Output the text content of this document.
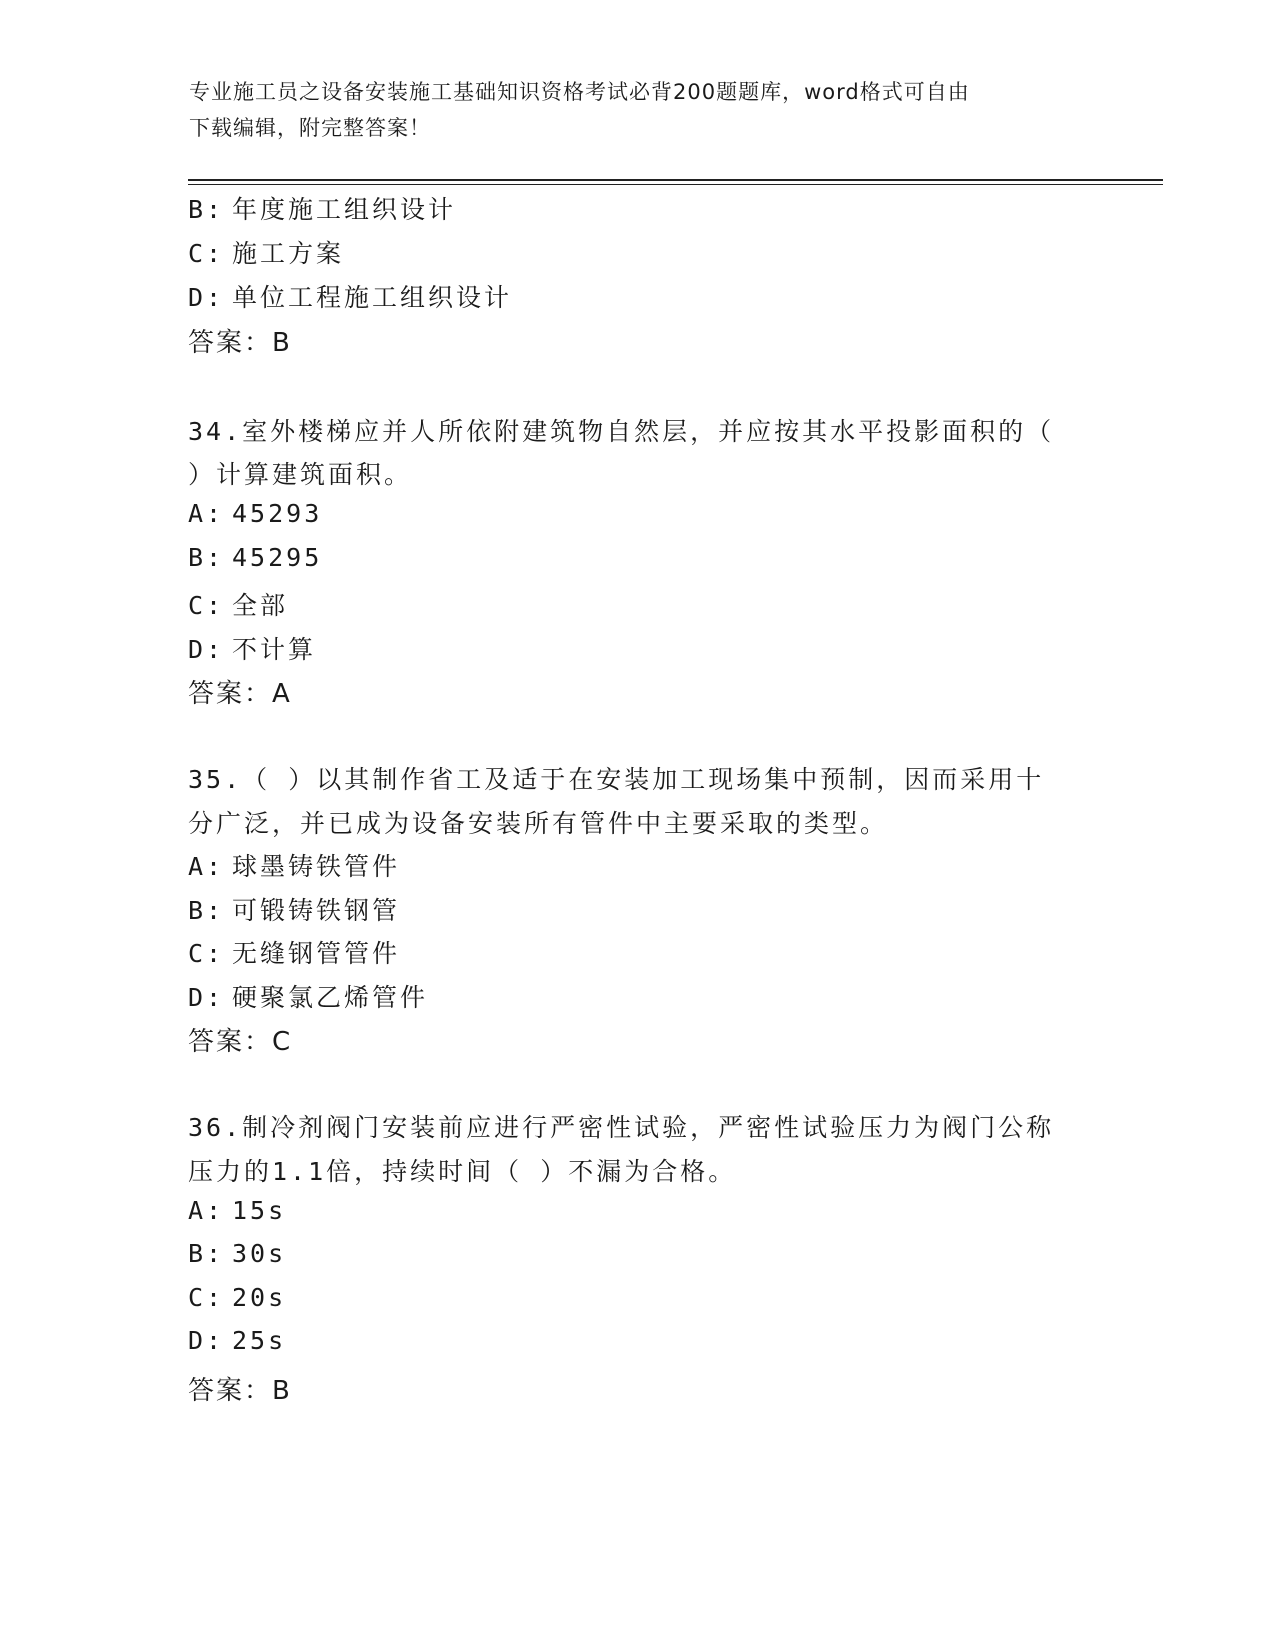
专业施工员之设备安装施工基础知识资格考试必背200题题库，word格式可自由
下载编辑，附完整答案！
B: 年度施工组织设计
C: 施工方案
D: 单位工程施工组织设计
答案：B
34.室外楼梯应并人所依附建筑物自然层，并应按其水平投影面积的（
）计算建筑面积。
A: 45293
B: 45295
C: 全部
D: 不计算
答案：A
35.（ ）以其制作省工及适于在安装加工现场集中预制，因而采用十
分广泛，并已成为设备安装所有管件中主要采取的类型。
A: 球墨铸铁管件
B: 可锻铸铁钢管
C: 无缝钢管管件
D: 硬聚氯乙烯管件
答案：C
36.制冷剂阀门安装前应进行严密性试验，严密性试验压力为阀门公称
压力的1.1倍，持续时间（ ）不漏为合格。
A: 15s
B: 30s
C: 20s
D: 25s
答案：B
